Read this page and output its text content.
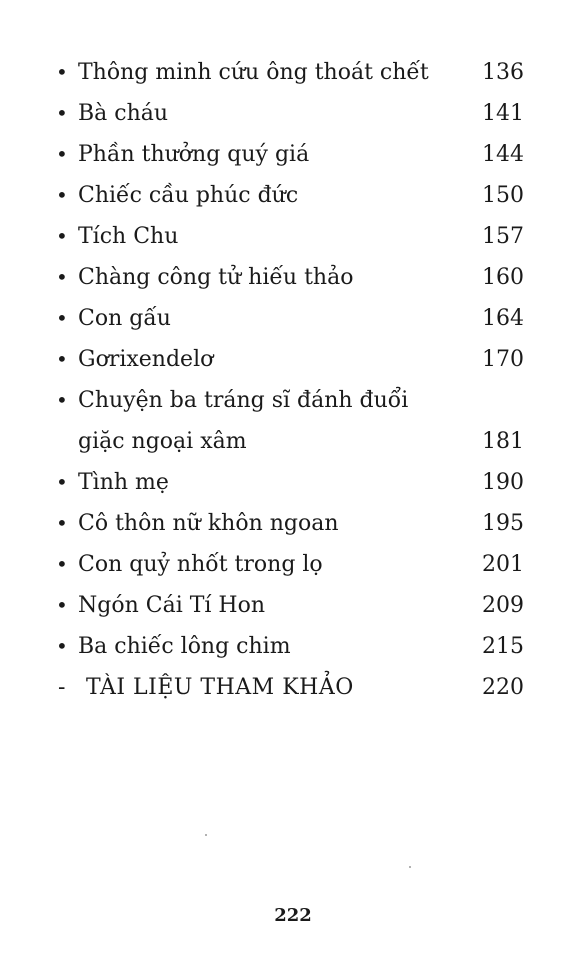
• Thông minh cứu ông thoát chết	136
• Bà cháu	141
• Phần thưởng quý giá	144
• Chiếc cầu phúc đức	150
• Tích Chu	157
• Chàng công tử hiếu thảo	160
• Con gấu	164
• Gơrixendelơ	170
• Chuyện ba tráng sĩ đánh đuổi
giặc ngoại xâm	181
• Tình mẹ	190
• Cô thôn nữ khôn ngoan	195
• Con quỷ nhốt trong lọ	201
• Ngón Cái Tí Hon	209
• Ba chiếc lông chim	215
- TÀI LIỆU THAM KHẢO	220
222
